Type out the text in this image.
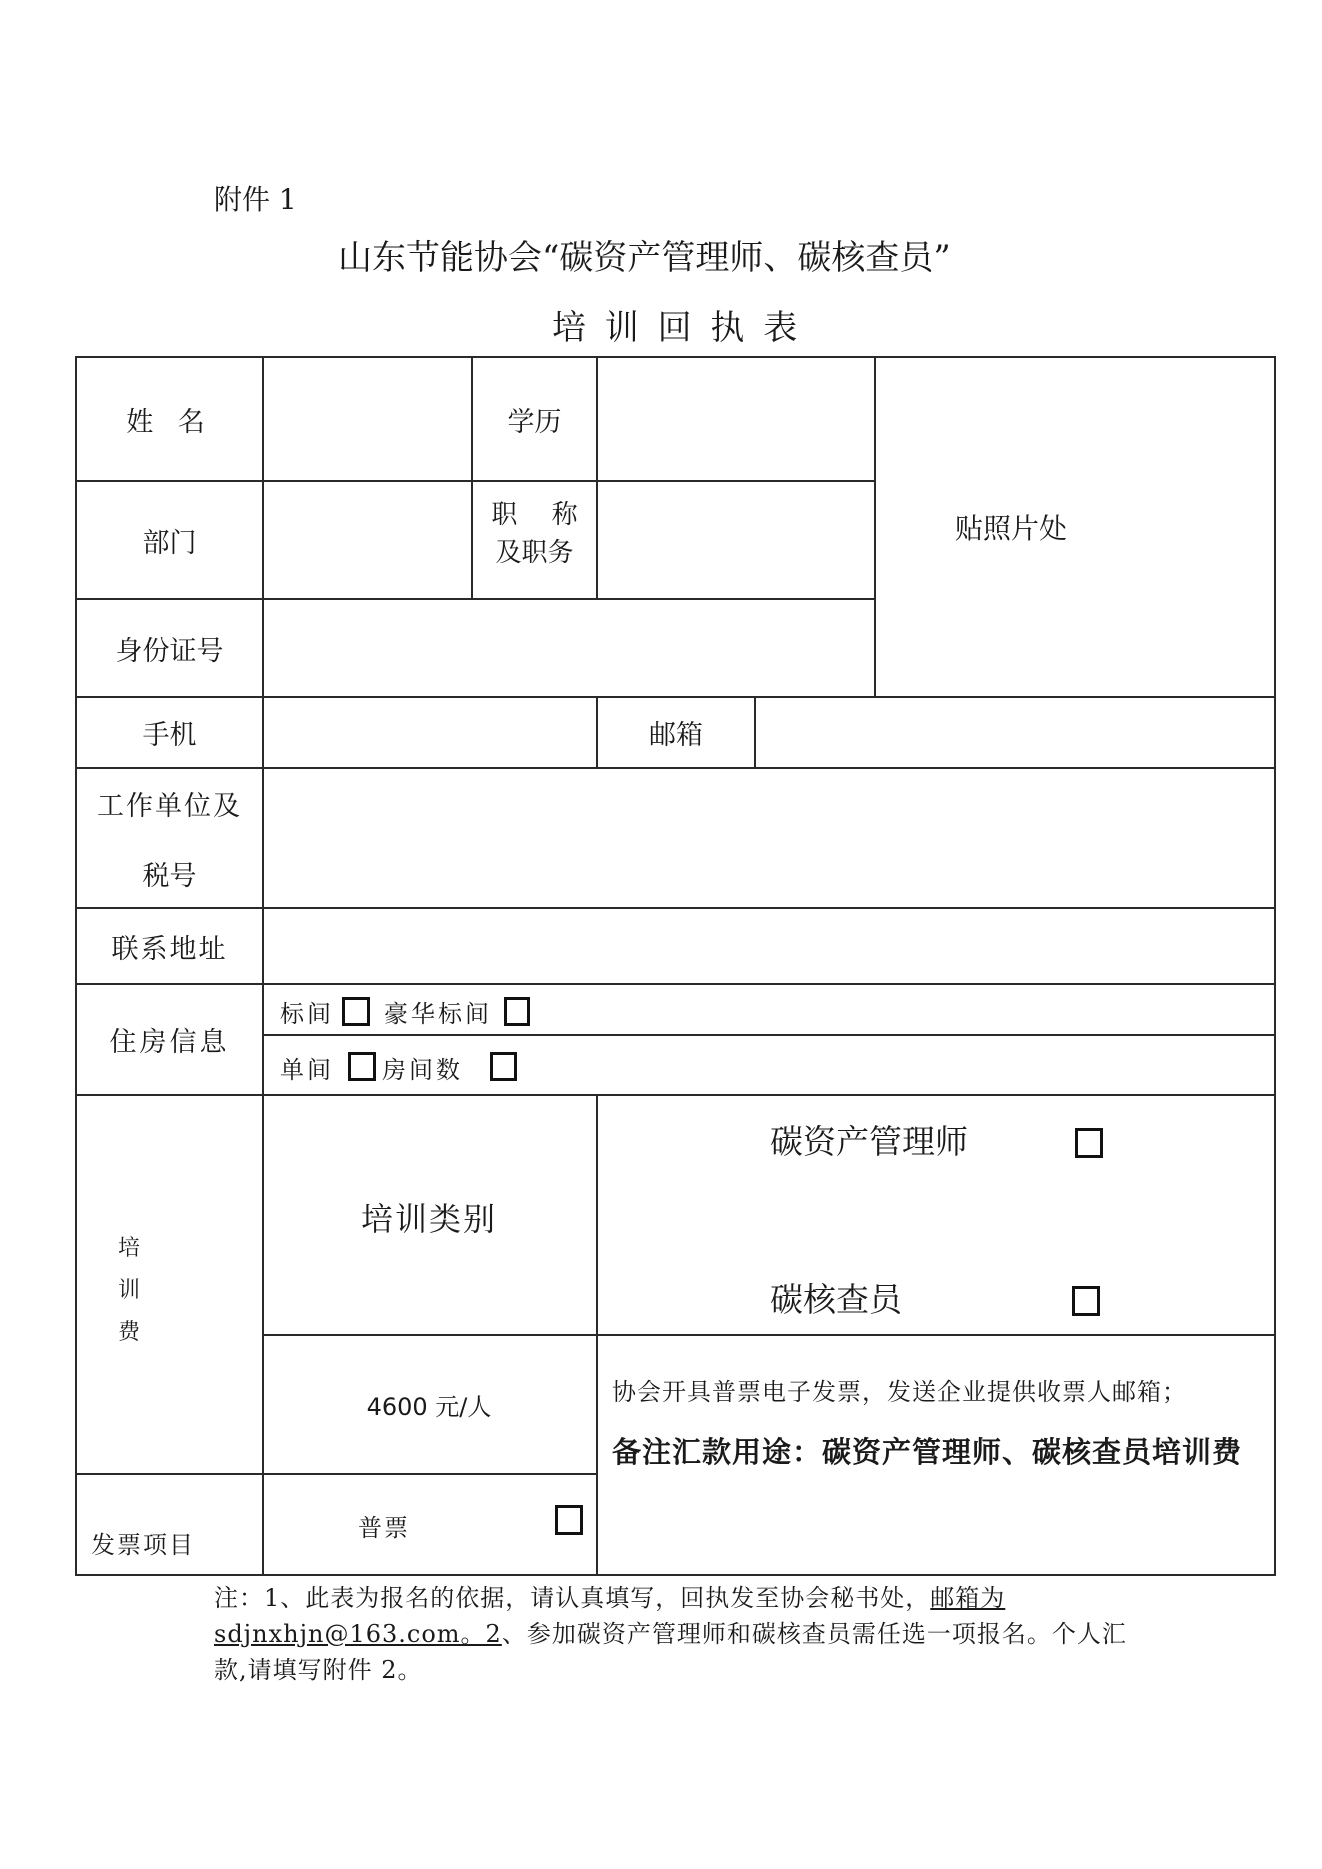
附件 1
山东节能协会“碳资产管理师、碳核查员”
培 训 回 执 表
姓 名	学历
贴照片处
部门
职　 称
及职务
身份证号
手机	邮箱
工作单位及
税号
联系地址
住房信息
标间 豪华标间
单间 房间数
培
训
费
培训类别
碳资产管理师
碳核查员
4600 元/人
协会开具普票电子发票，发送企业提供收票人邮箱；
备注汇款用途：碳资产管理师、碳核查员培训费
发票项目
普票
注：1、此表为报名的依据，请认真填写，回执发至协会秘书处，邮箱为
sdjnxhjn@163.com。2、参加碳资产管理师和碳核查员需任选一项报名。个人汇
款,请填写附件 2。
